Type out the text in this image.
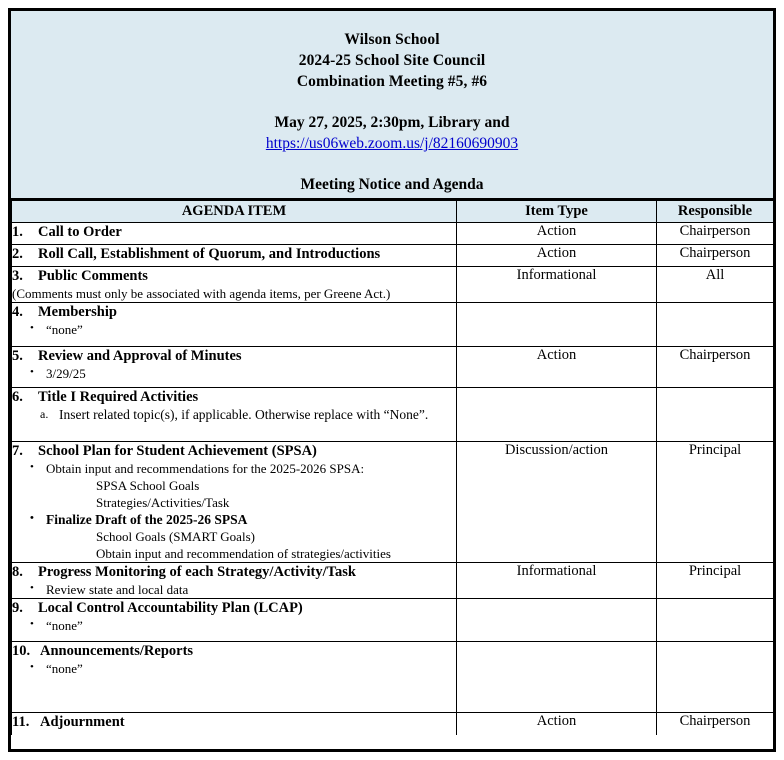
Wilson School
2024-25 School Site Council
Combination Meeting #5, #6
May 27, 2025, 2:30pm, Library and
https://us06web.zoom.us/j/82160690903
Meeting Notice and Agenda
AGENDA ITEM	Item Type	Responsible

1. Call to Order	Action	Chairperson

2. Roll Call, Establishment of Quorum, and Introductions	Action	Chairperson

3. Public Comments
(Comments must only be associated with agenda items, per Greene Act.)	Informational	All

4. Membership
• “none”

5. Review and Approval of Minutes
• 3/29/25	Action	Chairperson

6. Title I Required Activities
a. Insert related topic(s), if applicable. Otherwise replace with “None”.		

7. School Plan for Student Achievement (SPSA)
• Obtain input and recommendations for the 2025-2026 SPSA:
SPSA School Goals
Strategies/Activities/Task
• Finalize Draft of the 2025-26 SPSA
School Goals (SMART Goals)
Obtain input and recommendation of strategies/activities
	Discussion/action	Principal

8. Progress Monitoring of each Strategy/Activity/Task
• Review state and local data	Informational	Principal

9. Local Control Accountability Plan (LCAP)
• “none”

10. Announcements/Reports
• “none”

11. Adjournment	Action	Chairperson
